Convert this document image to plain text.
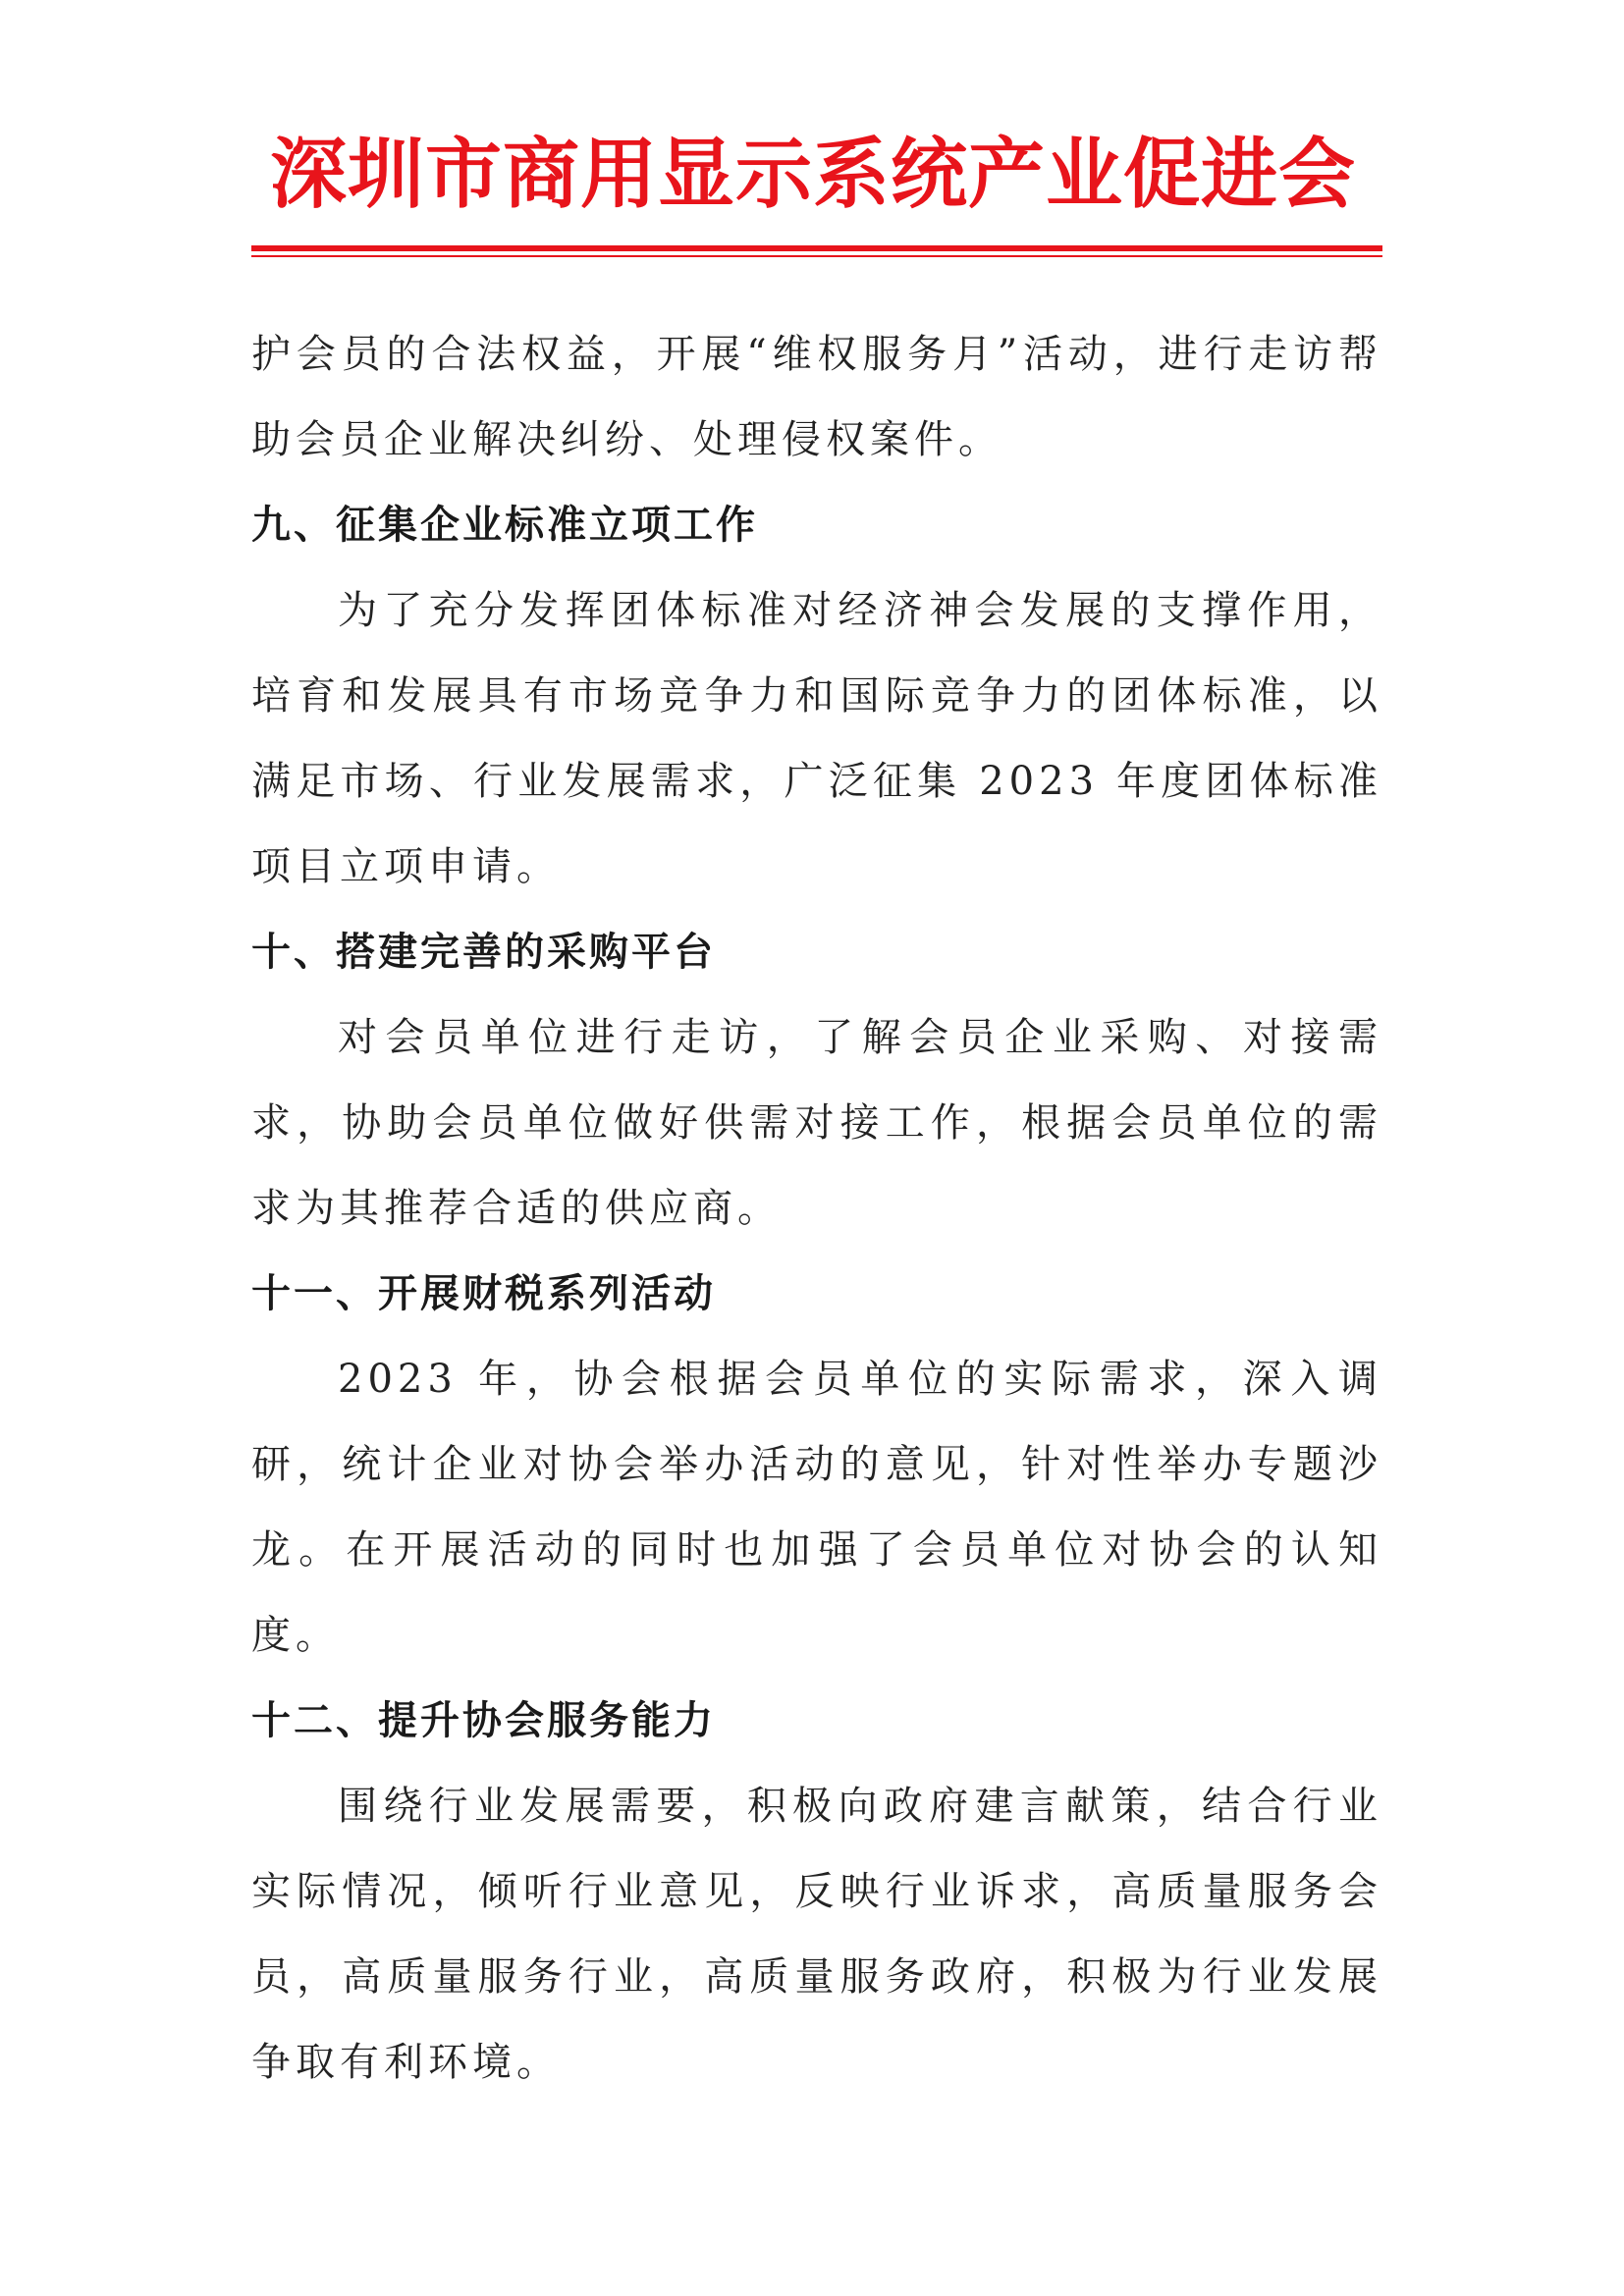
深圳市商用显示系统产业促进会

护会员的合法权益，开展“维权服务月”活动，进行走访帮助会员企业解决纠纷、处理侵权案件。

九、征集企业标准立项工作

为了充分发挥团体标准对经济神会发展的支撑作用，培育和发展具有市场竞争力和国际竞争力的团体标准，以满足市场、行业发展需求，广泛征集 2023 年度团体标准项目立项申请。

十、搭建完善的采购平台

对会员单位进行走访，了解会员企业采购、对接需求，协助会员单位做好供需对接工作，根据会员单位的需求为其推荐合适的供应商。

十一、开展财税系列活动

2023 年，协会根据会员单位的实际需求，深入调研，统计企业对协会举办活动的意见，针对性举办专题沙龙。在开展活动的同时也加强了会员单位对协会的认知度。

十二、提升协会服务能力

围绕行业发展需要，积极向政府建言献策，结合行业实际情况，倾听行业意见，反映行业诉求，高质量服务会员，高质量服务行业，高质量服务政府，积极为行业发展争取有利环境。
